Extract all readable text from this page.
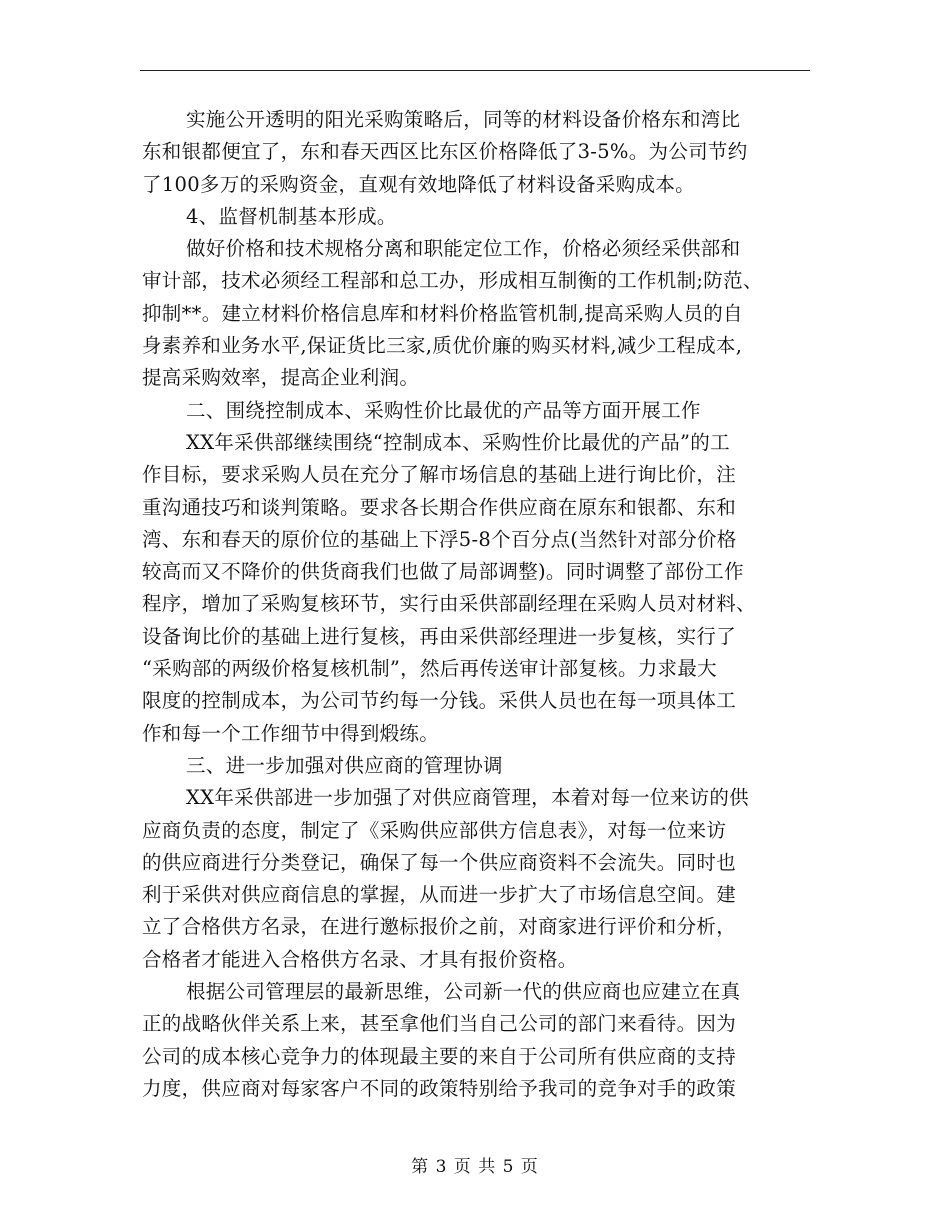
实施公开透明的阳光采购策略后，同等的材料设备价格东和湾比
东和银都便宜了，东和春天西区比东区价格降低了3-5%。为公司节约
了100多万的采购资金，直观有效地降低了材料设备采购成本。
4、监督机制基本形成。
做好价格和技术规格分离和职能定位工作，价格必须经采供部和
审计部，技术必须经工程部和总工办，形成相互制衡的工作机制;防范、
抑制**。建立材料价格信息库和材料价格监管机制,提高采购人员的自
身素养和业务水平,保证货比三家,质优价廉的购买材料,减少工程成本,
提高采购效率，提高企业利润。
二、围绕控制成本、采购性价比最优的产品等方面开展工作
XX年采供部继续围绕“控制成本、采购性价比最优的产品”的工
作目标，要求采购人员在充分了解市场信息的基础上进行询比价，注
重沟通技巧和谈判策略。要求各长期合作供应商在原东和银都、东和
湾、东和春天的原价位的基础上下浮5-8个百分点(当然针对部分价格
较高而又不降价的供货商我们也做了局部调整)。同时调整了部份工作
程序，增加了采购复核环节，实行由采供部副经理在采购人员对材料、
设备询比价的基础上进行复核，再由采供部经理进一步复核，实行了
“采购部的两级价格复核机制”，然后再传送审计部复核。力求最大
限度的控制成本，为公司节约每一分钱。采供人员也在每一项具体工
作和每一个工作细节中得到煅练。
三、进一步加强对供应商的管理协调
XX年采供部进一步加强了对供应商管理，本着对每一位来访的供
应商负责的态度，制定了《采购供应部供方信息表》，对每一位来访
的供应商进行分类登记，确保了每一个供应商资料不会流失。同时也
利于采供对供应商信息的掌握，从而进一步扩大了市场信息空间。建
立了合格供方名录，在进行邀标报价之前，对商家进行评价和分析，
合格者才能进入合格供方名录、才具有报价资格。
根据公司管理层的最新思维，公司新一代的供应商也应建立在真
正的战略伙伴关系上来，甚至拿他们当自己公司的部门来看待。因为
公司的成本核心竞争力的体现最主要的来自于公司所有供应商的支持
力度，供应商对每家客户不同的政策特别给予我司的竞争对手的政策
第 3 页 共 5 页
